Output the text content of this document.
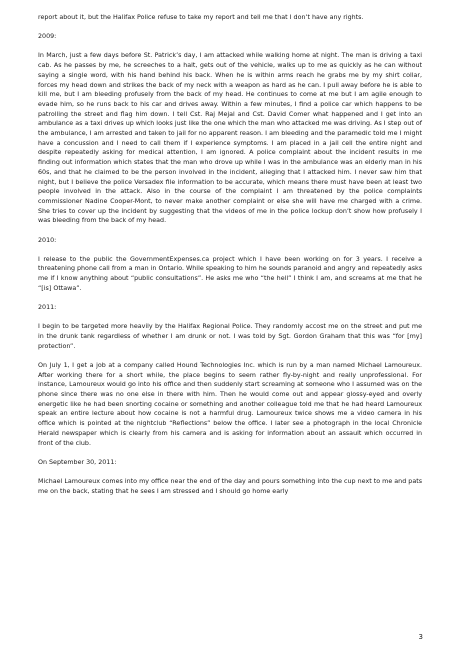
report about it, but the Halifax Police refuse to take my report and tell me that I don’t have any rights.

2009:

In March, just a few days before St. Patrick’s day, I am attacked while walking home at night. The man is driving a taxi cab. As he passes by me, he screeches to a halt, gets out of the vehicle, walks up to me as quickly as he can without saying a single word, with his hand behind his back. When he is within arms reach he grabs me by my shirt collar, forces my head down and strikes the back of my neck with a weapon as hard as he can. I pull away before he is able to kill me, but I am bleeding profusely from the back of my head. He continues to come at me but I am agile enough to evade him, so he runs back to his car and drives away. Within a few minutes, I find a police car which happens to be patrolling the street and flag him down. I tell Cst. Raj Mejal and Cst. David Comer what happened and I get into an ambulance as a taxi drives up which looks just like the one which the man who attacked me was driving. As I step out of the ambulance, I am arrested and taken to jail for no apparent reason. I am bleeding and the paramedic told me I might have a concussion and I need to call them if I experience symptoms. I am placed in a jail cell the entire night and despite repeatedly asking for medical attention, I am ignored. A police complaint about the incident results in me finding out information which states that the man who drove up while I was in the ambulance was an elderly man in his 60s, and that he claimed to be the person involved in the incident, alleging that I attacked him. I never saw him that night, but I believe the police Versadex file information to be accurate, which means there must have been at least two people involved in the attack. Also in the course of the complaint I am threatened by the police complaints commissioner Nadine Cooper-Mont, to never make another complaint or else she will have me charged with a crime. She tries to cover up the incident by suggesting that the videos of me in the police lockup don’t show how profusely I was bleeding from the back of my head.

2010:

I release to the public the GovernmentExpenses.ca project which I have been working on for 3 years. I receive a threatening phone call from a man in Ontario. While speaking to him he sounds paranoid and angry and repeatedly asks me if I know anything about “public consultations”. He asks me who “the hell” I think I am, and screams at me that he “[is] Ottawa”.

2011:

I begin to be targeted more heavily by the Halifax Regional Police. They randomly accost me on the street and put me in the drunk tank regardless of whether I am drunk or not. I was told by Sgt. Gordon Graham that this was “for [my] protection”.

On July 1, I get a job at a company called Hound Technologies Inc. which is run by a man named Michael Lamoureux. After working there for a short while, the place begins to seem rather fly-by-night and really unprofessional. For instance, Lamoureux would go into his office and then suddenly start screaming at someone who I assumed was on the phone since there was no one else in there with him. Then he would come out and appear glossy-eyed and overly energetic like he had been snorting cocaine or something and another colleague told me that he had heard Lamoureux speak an entire lecture about how cocaine is not a harmful drug. Lamoureux twice shows me a video camera in his office which is pointed at the nightclub “Reflections” below the office. I later see a photograph in the local Chronicle Herald newspaper which is clearly from his camera and is asking for information about an assault which occurred in front of the club.

On September 30, 2011:

Michael Lamoureux comes into my office near the end of the day and pours something into the cup next to me and pats me on the back, stating that he sees I am stressed and I should go home early

3
